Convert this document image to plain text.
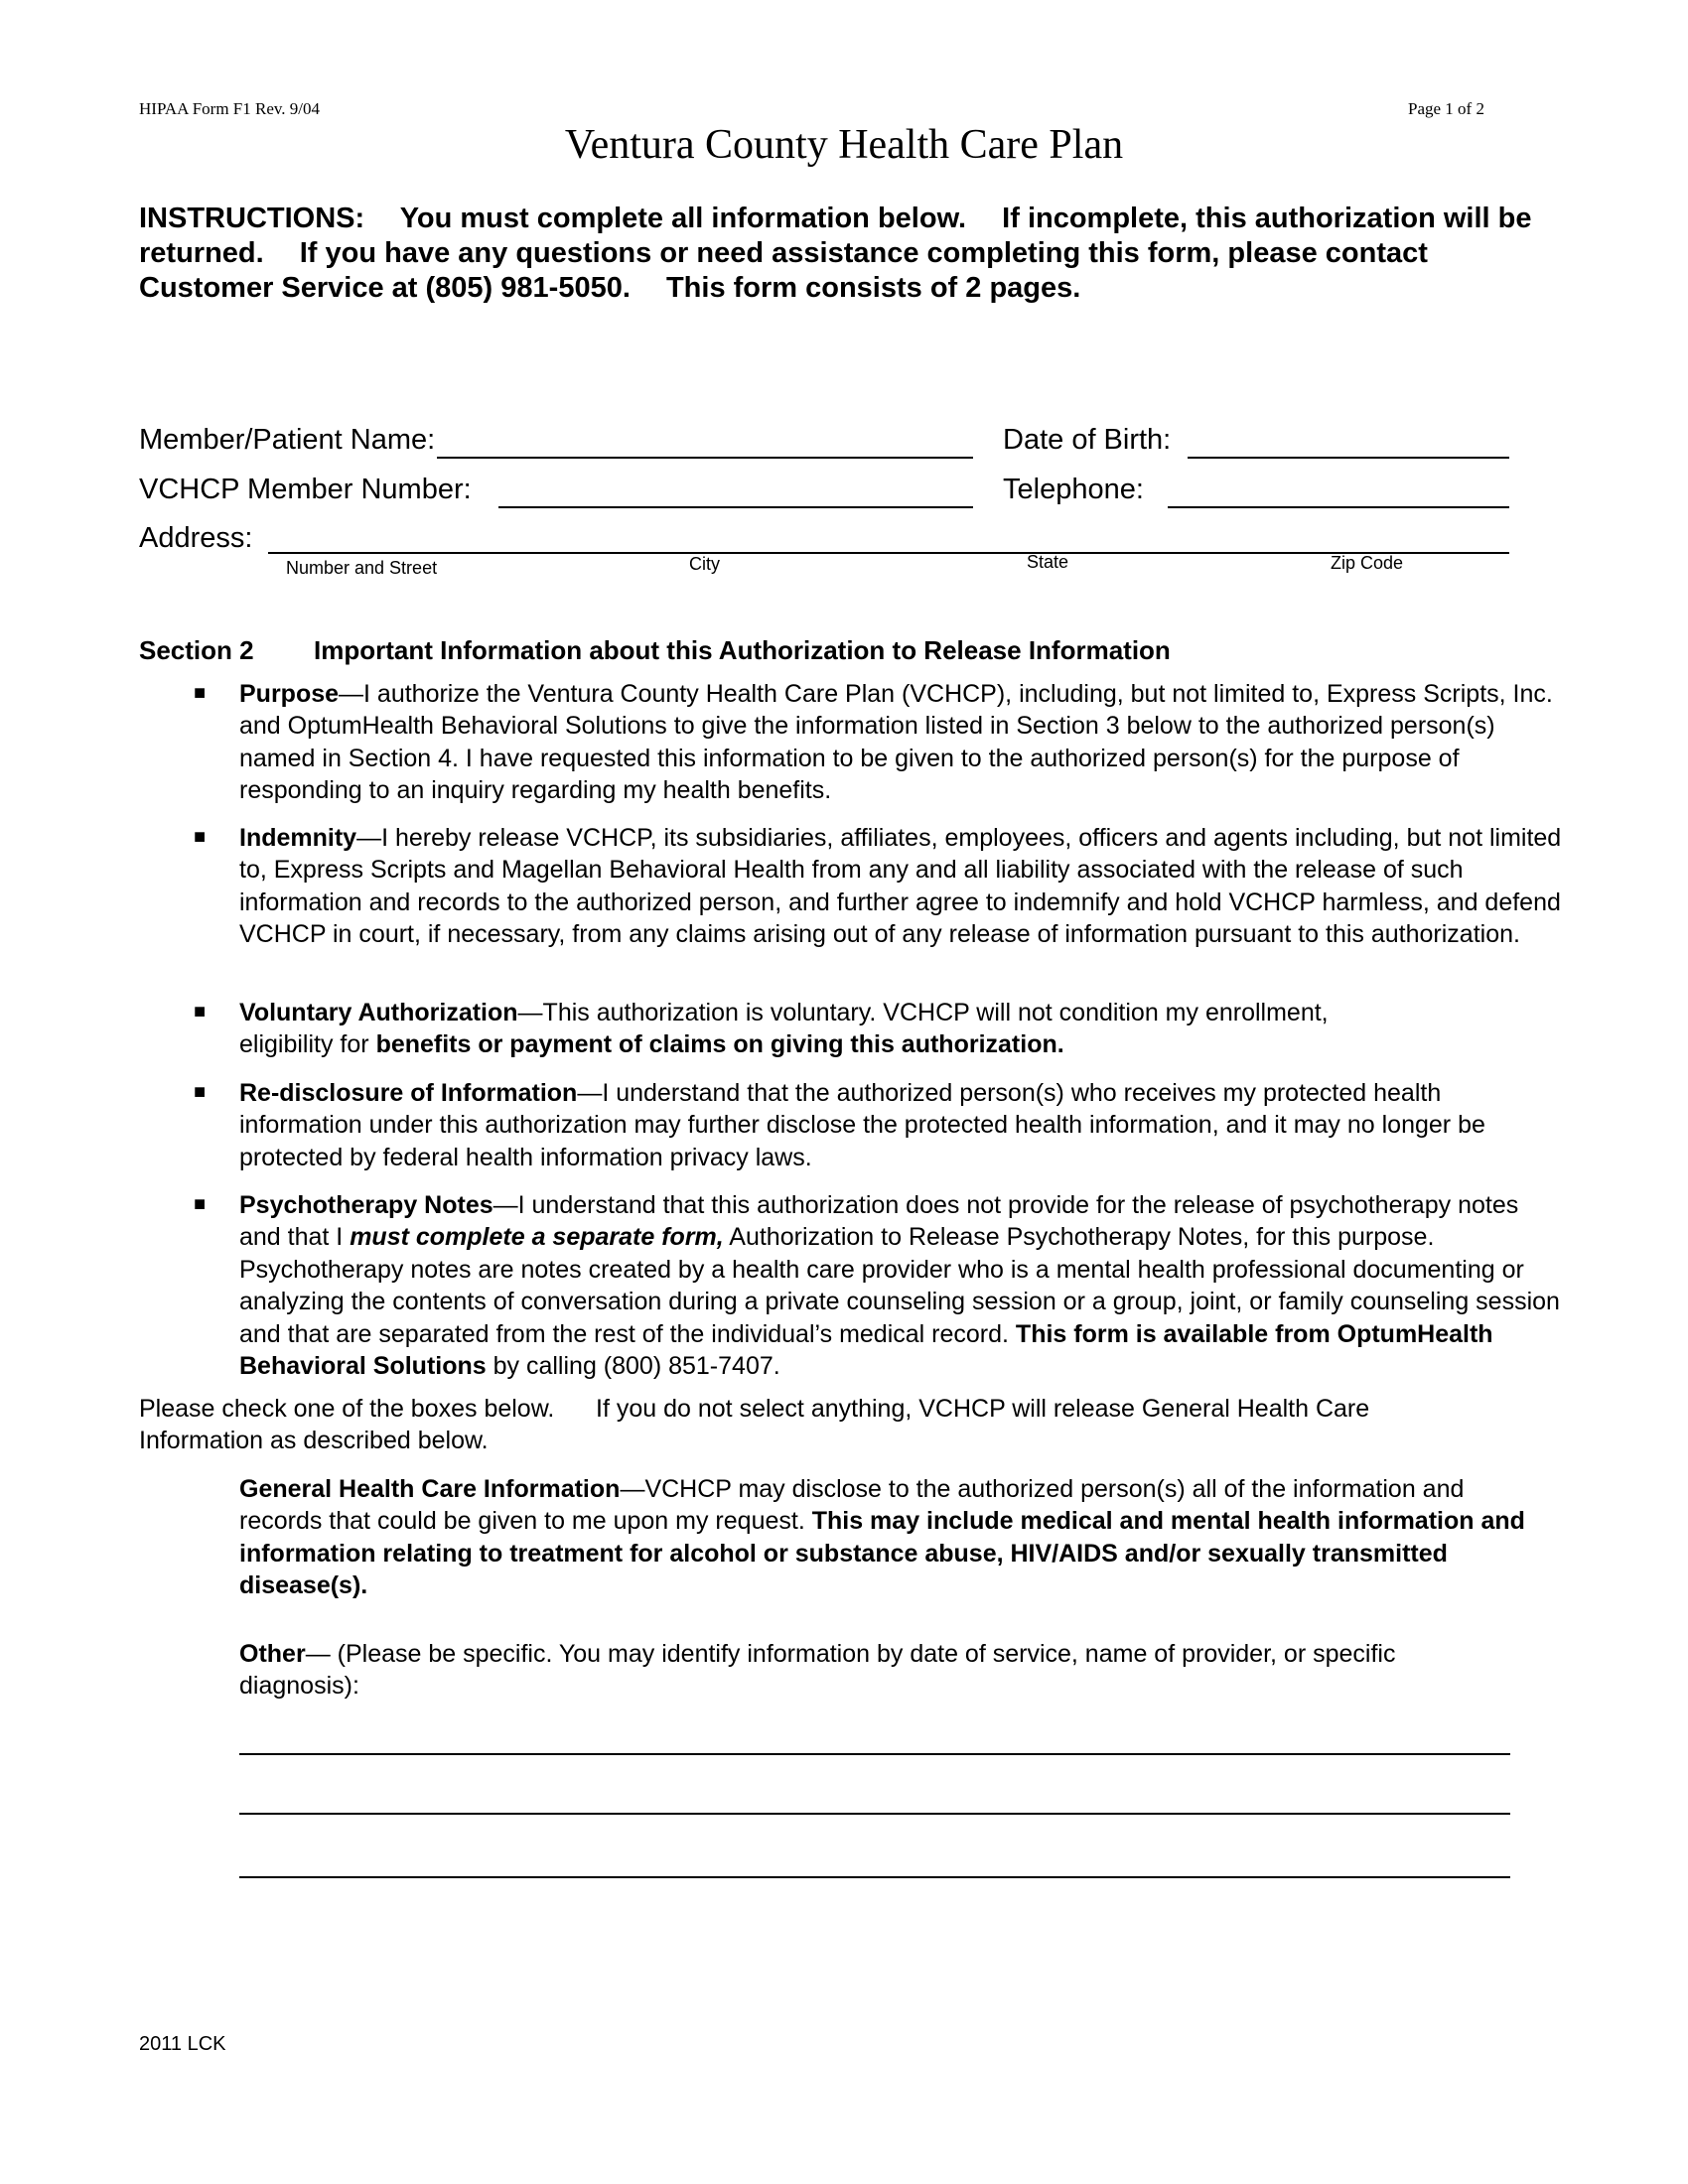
HIPAA Form F1 Rev. 9/04	Page 1 of 2
Ventura County Health Care Plan
INSTRUCTIONS: You must complete all information below. If incomplete, this authorization will be returned. If you have any questions or need assistance completing this form, please contact Customer Service at (805) 981-5050. This form consists of 2 pages.
Member/Patient Name:	Date of Birth:
VCHCP Member Number:	Telephone:
Address:
Number and Street	City	State	Zip Code
Section 2 Important Information about this Authorization to Release Information
■ Purpose—I authorize the Ventura County Health Care Plan (VCHCP), including, but not limited to, Express Scripts, Inc. and OptumHealth Behavioral Solutions to give the information listed in Section 3 below to the authorized person(s) named in Section 4. I have requested this information to be given to the authorized person(s) for the purpose of responding to an inquiry regarding my health benefits.
■ Indemnity—I hereby release VCHCP, its subsidiaries, affiliates, employees, officers and agents including, but not limited to, Express Scripts and Magellan Behavioral Health from any and all liability associated with the release of such information and records to the authorized person, and further agree to indemnify and hold VCHCP harmless, and defend VCHCP in court, if necessary, from any claims arising out of any release of information pursuant to this authorization.
■ Voluntary Authorization—This authorization is voluntary. VCHCP will not condition my enrollment, eligibility for benefits or payment of claims on giving this authorization.
■ Re-disclosure of Information—I understand that the authorized person(s) who receives my protected health information under this authorization may further disclose the protected health information, and it may no longer be protected by federal health information privacy laws.
■ Psychotherapy Notes—I understand that this authorization does not provide for the release of psychotherapy notes and that I must complete a separate form, Authorization to Release Psychotherapy Notes, for this purpose. Psychotherapy notes are notes created by a health care provider who is a mental health professional documenting or analyzing the contents of conversation during a private counseling session or a group, joint, or family counseling session and that are separated from the rest of the individual’s medical record. This form is available from OptumHealth Behavioral Solutions by calling (800) 851-7407.
Please check one of the boxes below. If you do not select anything, VCHCP will release General Health Care Information as described below.
General Health Care Information—VCHCP may disclose to the authorized person(s) all of the information and records that could be given to me upon my request. This may include medical and mental health information and information relating to treatment for alcohol or substance abuse, HIV/AIDS and/or sexually transmitted disease(s).
Other— (Please be specific. You may identify information by date of service, name of provider, or specific diagnosis):
2011 LCK
